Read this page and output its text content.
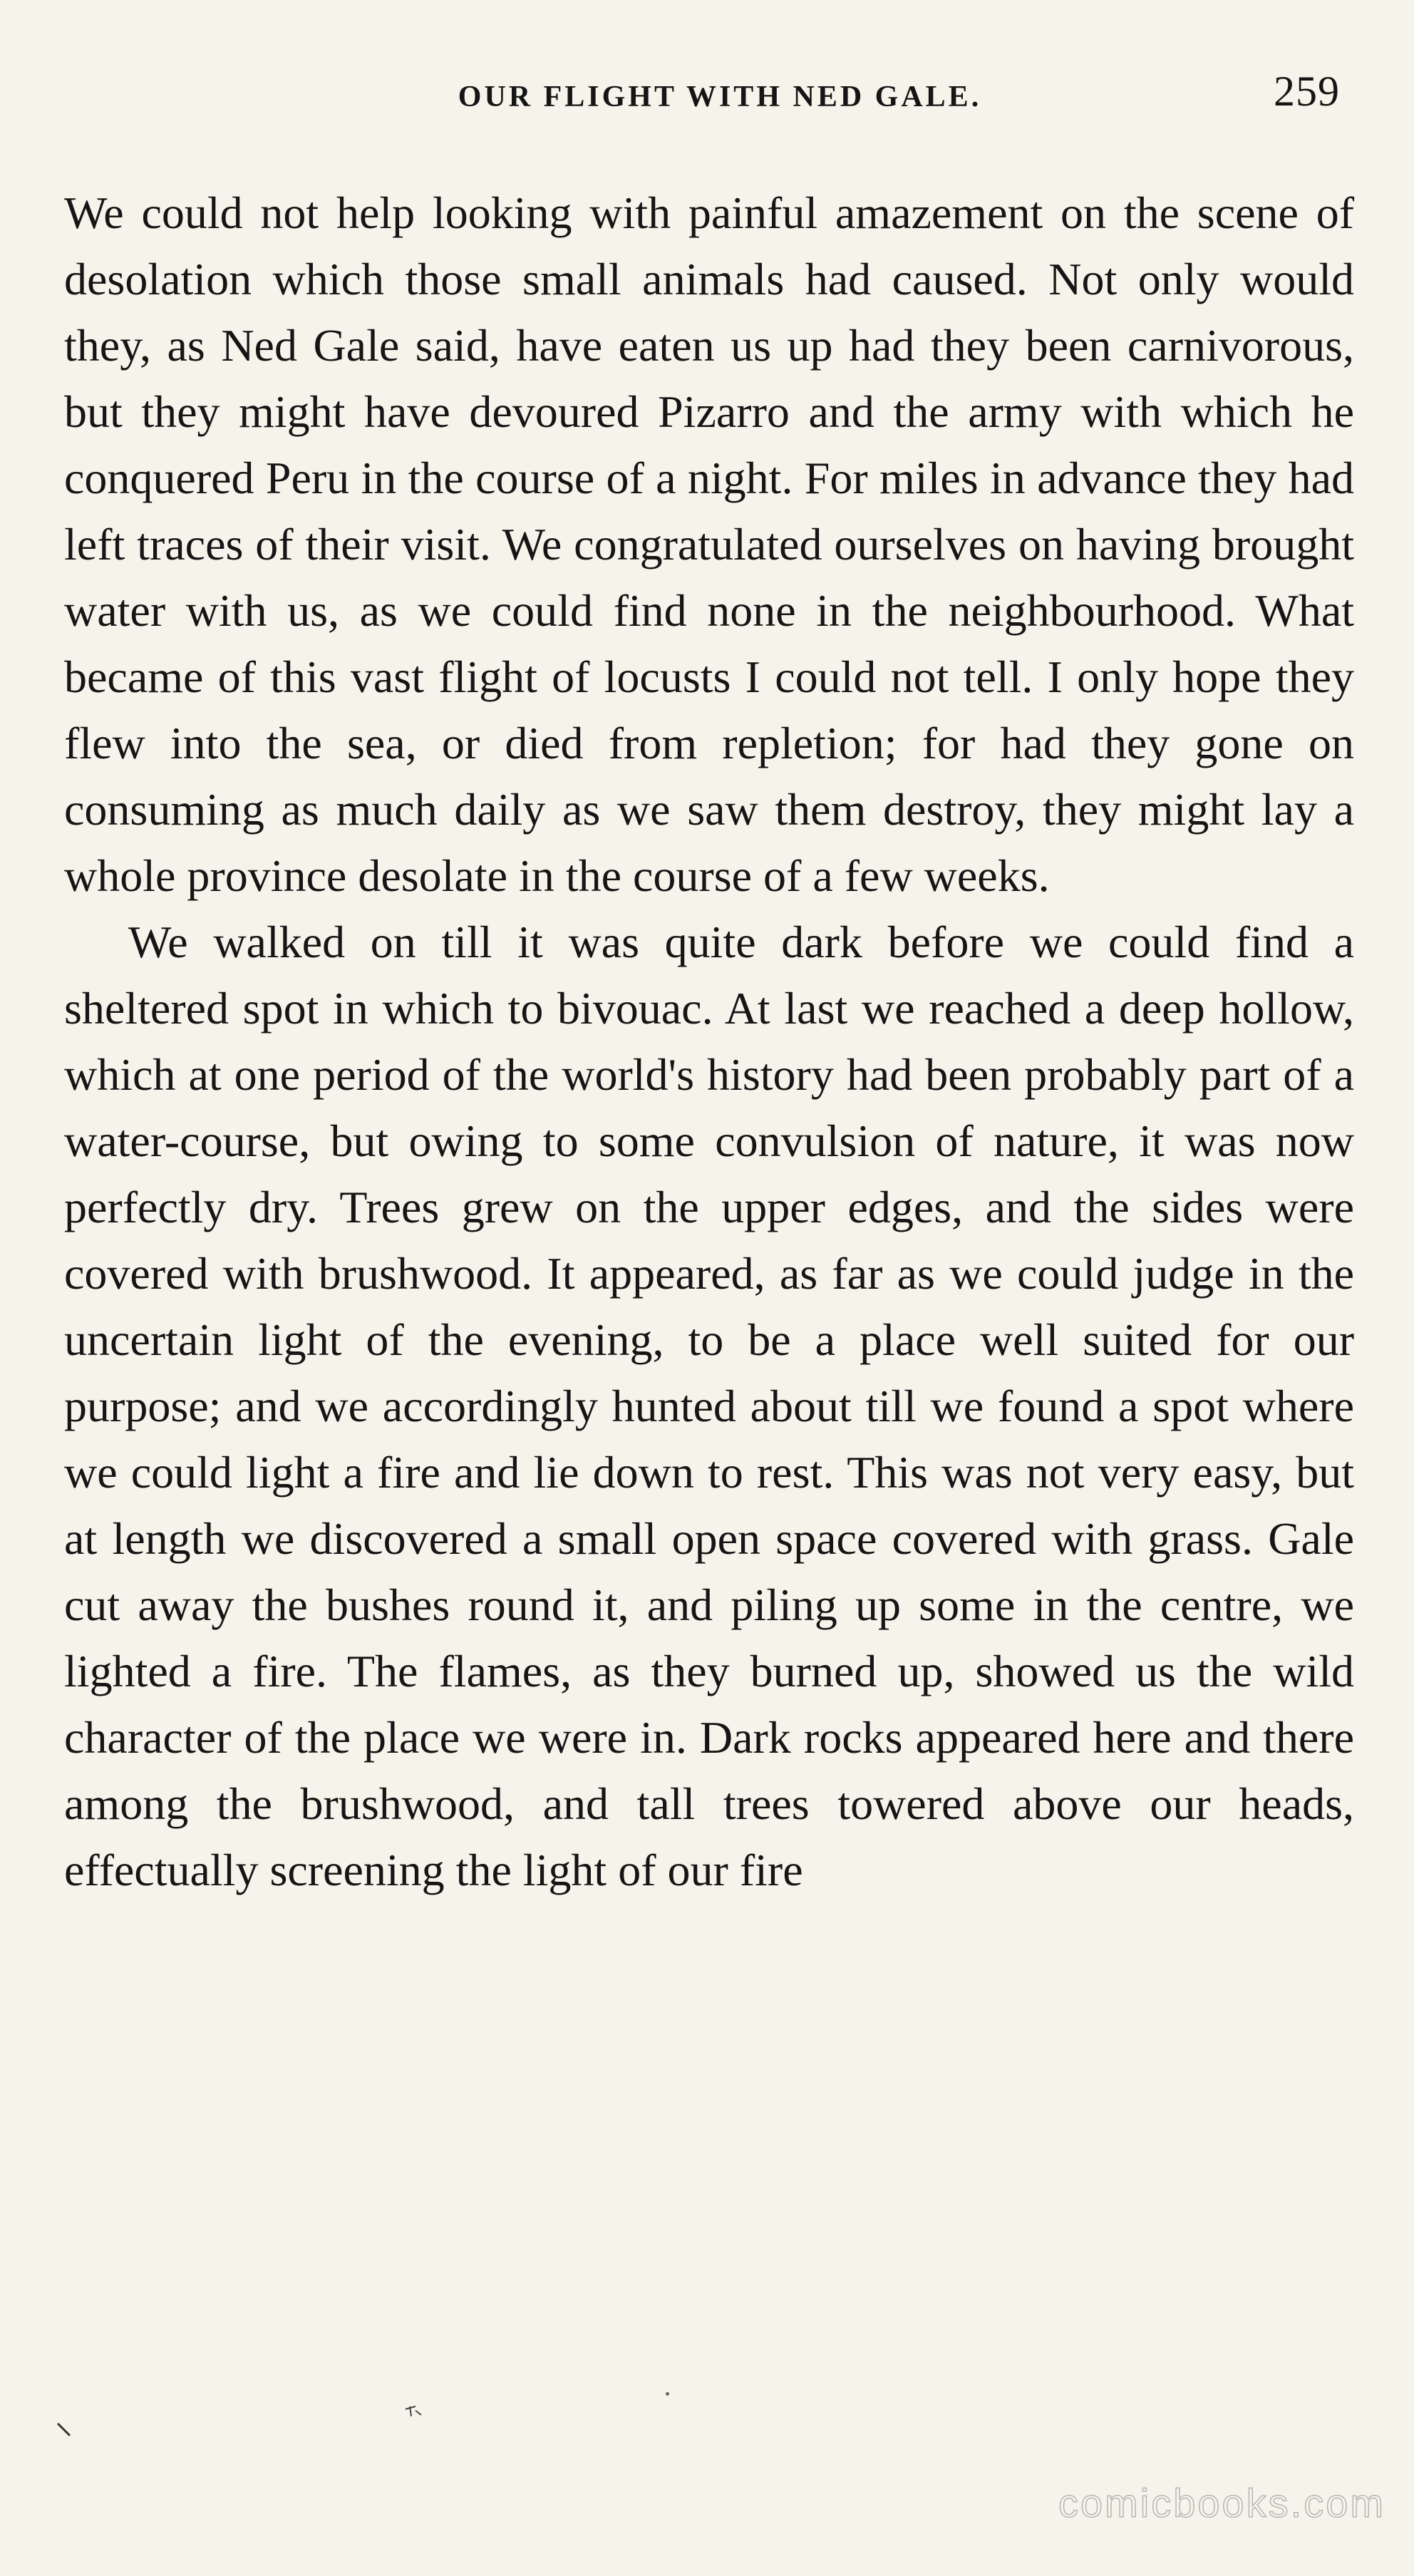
OUR FLIGHT WITH NED GALE.	259

We could not help looking with painful amazement on the scene of desolation which those small animals had caused. Not only would they, as Ned Gale said, have eaten us up had they been carnivorous, but they might have devoured Pizarro and the army with which he conquered Peru in the course of a night. For miles in advance they had left traces of their visit. We congratulated ourselves on having brought water with us, as we could find none in the neighbourhood. What became of this vast flight of locusts I could not tell. I only hope they flew into the sea, or died from repletion; for had they gone on consuming as much daily as we saw them destroy, they might lay a whole province desolate in the course of a few weeks.

We walked on till it was quite dark before we could find a sheltered spot in which to bivouac. At last we reached a deep hollow, which at one period of the world's history had been probably part of a water-course, but owing to some convulsion of nature, it was now perfectly dry. Trees grew on the upper edges, and the sides were covered with brushwood. It appeared, as far as we could judge in the uncertain light of the evening, to be a place well suited for our purpose; and we accordingly hunted about till we found a spot where we could light a fire and lie down to rest. This was not very easy, but at length we discovered a small open space covered with grass. Gale cut away the bushes round it, and piling up some in the centre, we lighted a fire. The flames, as they burned up, showed us the wild character of the place we were in. Dark rocks appeared here and there among the brushwood, and tall trees towered above our heads, effectually screening the light of our fire

comicbooks.com
